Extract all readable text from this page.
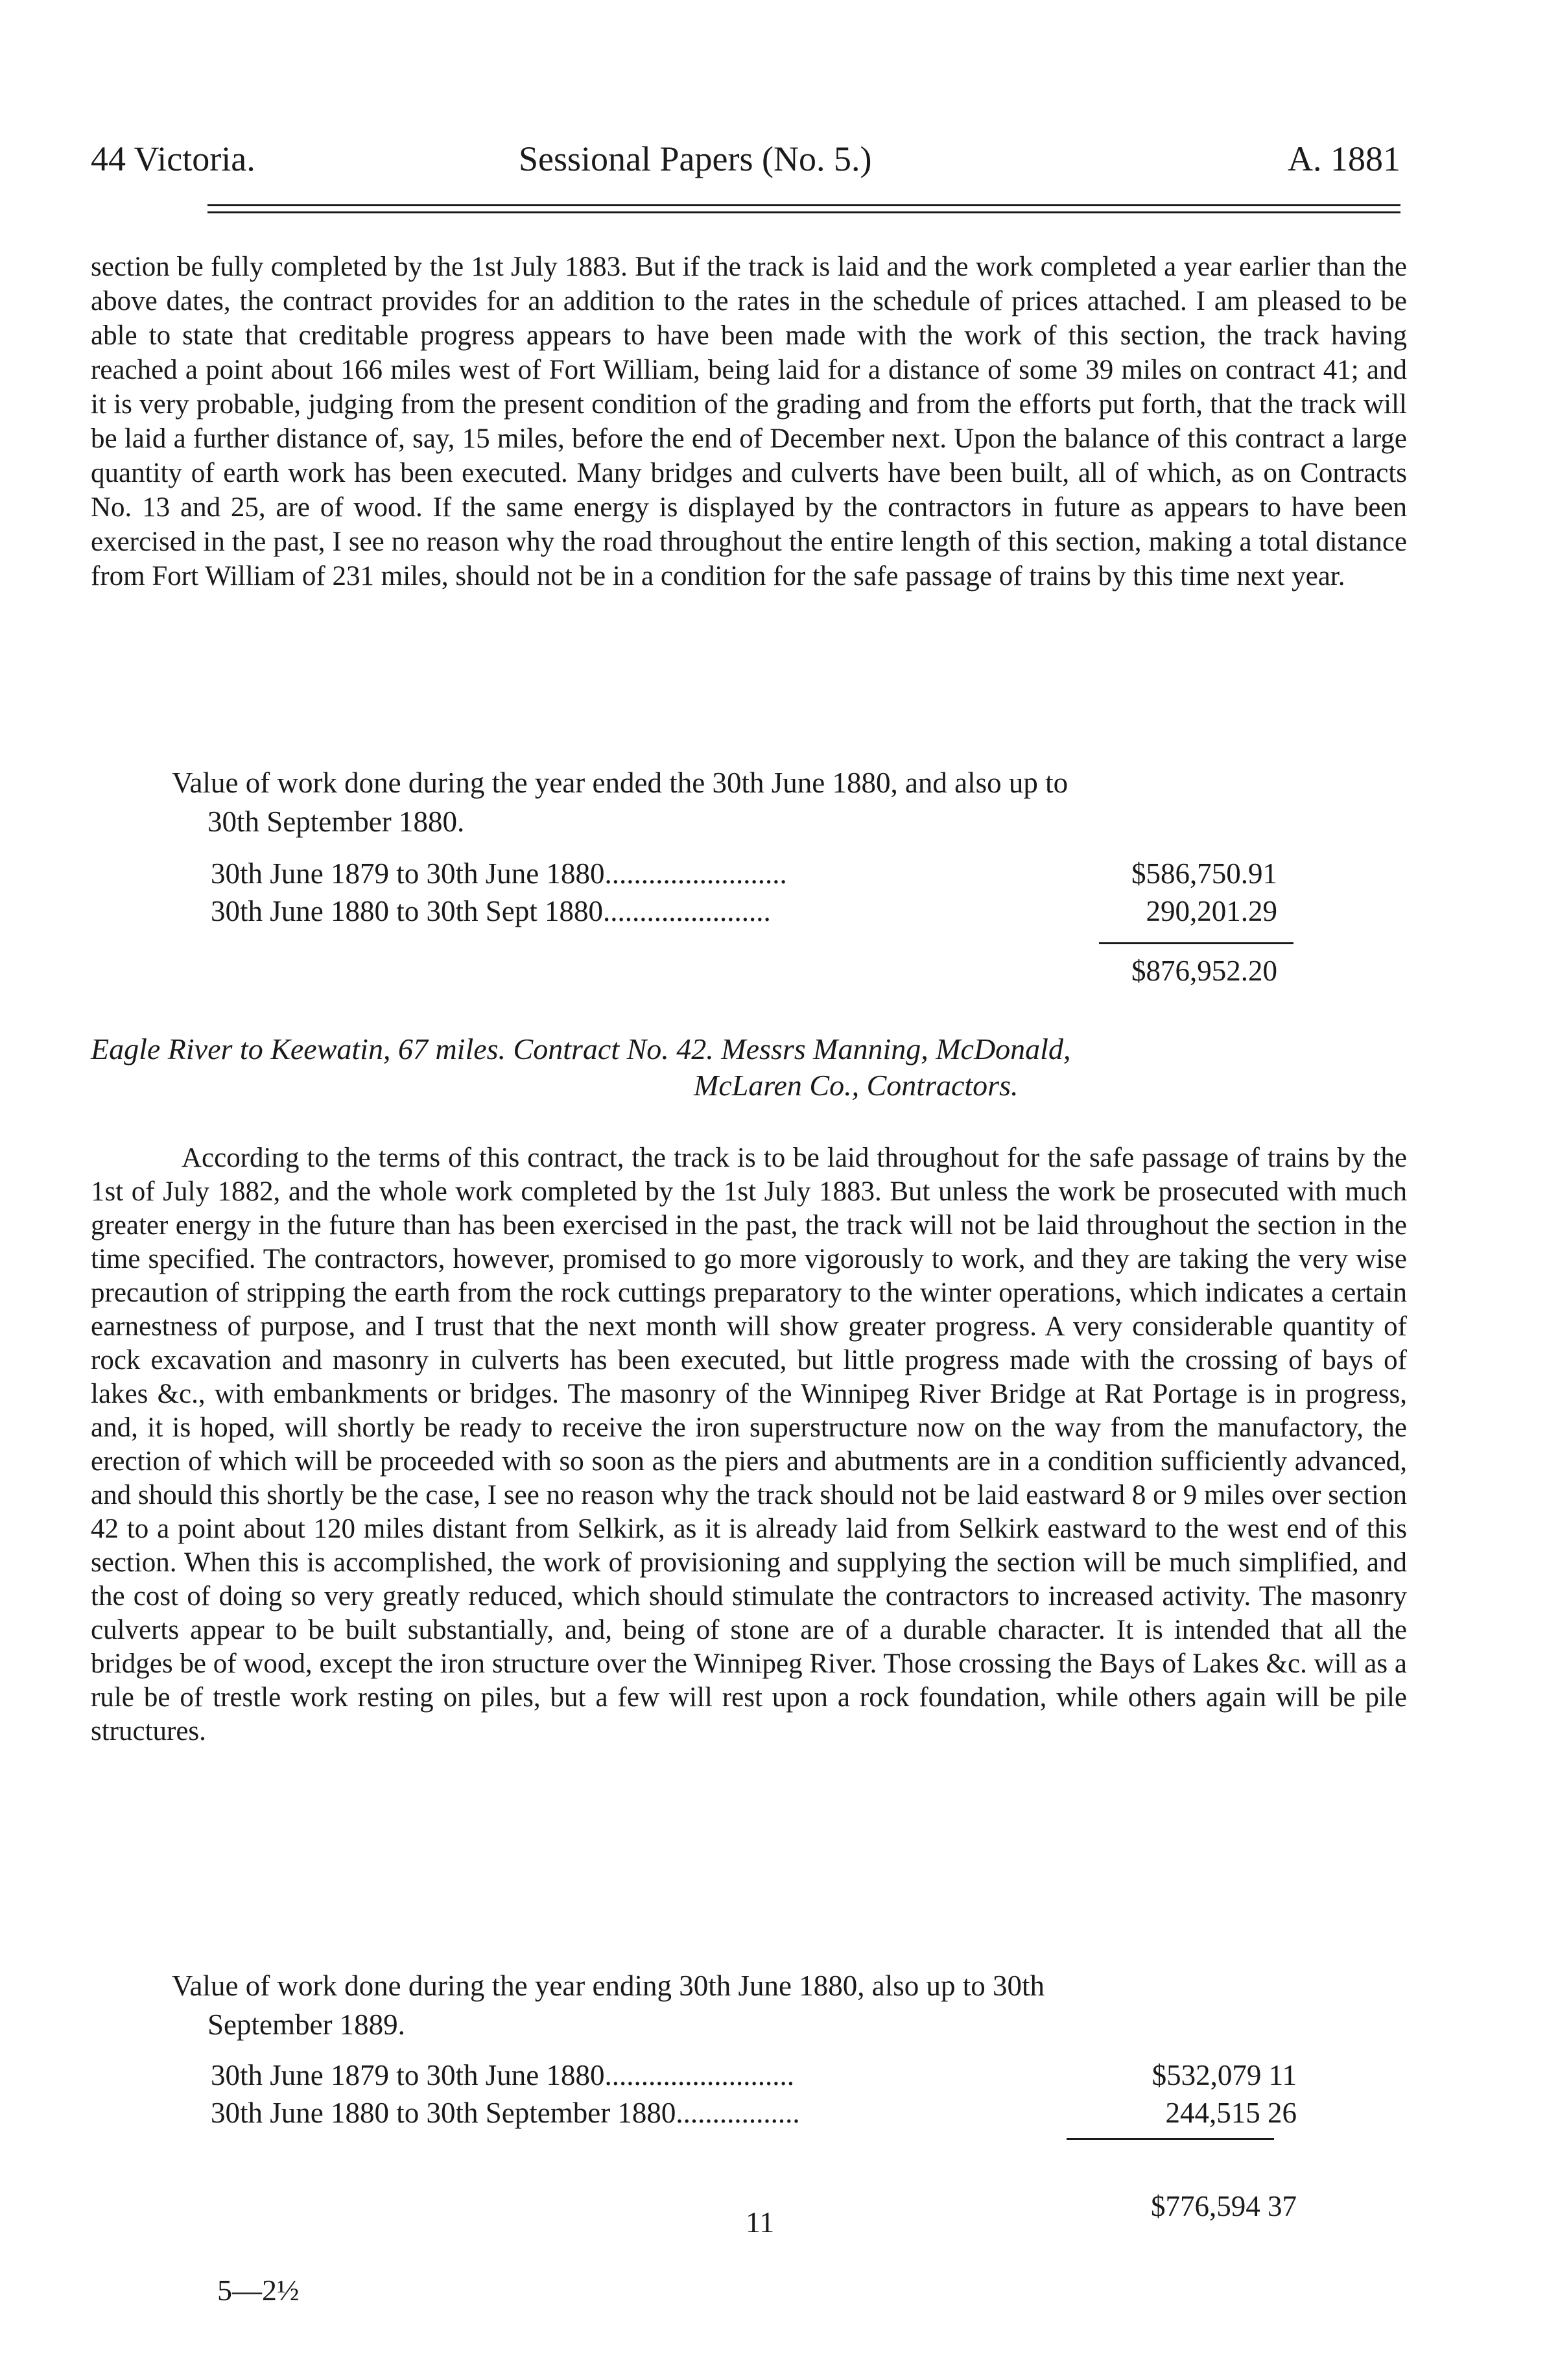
44 Victoria.	Sessional Papers (No. 5.)	A. 1881

section be fully completed by the 1st July 1883. But if the track is laid and the work completed a year earlier than the above dates, the contract provides for an addition to the rates in the schedule of prices attached. I am pleased to be able to state that creditable progress appears to have been made with the work of this section, the track having reached a point about 166 miles west of Fort William, being laid for a distance of some 39 miles on contract 41; and it is very probable, judging from the present condition of the grading and from the efforts put forth, that the track will be laid a further distance of, say, 15 miles, before the end of December next. Upon the balance of this contract a large quantity of earth work has been executed. Many bridges and culverts have been built, all of which, as on Contracts No. 13 and 25, are of wood. If the same energy is displayed by the contractors in future as appears to have been exercised in the past, I see no reason why the road throughout the entire length of this section, making a total distance from Fort William of 231 miles, should not be in a condition for the safe passage of trains by this time next year.

Value of work done during the year ended the 30th June 1880, and also up to
30th September 1880.
30th June 1879 to 30th June 1880.........................	$586,750.91
30th June 1880 to 30th Sept 1880.......................	290,201.29
$876,952.20
Eagle River to Keewatin, 67 miles. Contract No. 42. Messrs Manning, McDonald,
McLaren Co., Contractors.

According to the terms of this contract, the track is to be laid throughout for the safe passage of trains by the 1st of July 1882, and the whole work completed by the 1st July 1883. But unless the work be prosecuted with much greater energy in the future than has been exercised in the past, the track will not be laid throughout the section in the time specified. The contractors, however, promised to go more vigorously to work, and they are taking the very wise precaution of stripping the earth from the rock cuttings preparatory to the winter operations, which indicates a certain earnestness of purpose, and I trust that the next month will show greater progress. A very considerable quantity of rock excavation and masonry in culverts has been executed, but little progress made with the crossing of bays of lakes &c., with embankments or bridges. The masonry of the Winnipeg River Bridge at Rat Portage is in progress, and, it is hoped, will shortly be ready to receive the iron superstructure now on the way from the manufactory, the erection of which will be proceeded with so soon as the piers and abutments are in a condition sufficiently advanced, and should this shortly be the case, I see no reason why the track should not be laid eastward 8 or 9 miles over section 42 to a point about 120 miles distant from Selkirk, as it is already laid from Selkirk eastward to the west end of this section. When this is accomplished, the work of provisioning and supplying the section will be much simplified, and the cost of doing so very greatly reduced, which should stimulate the contractors to increased activity. The masonry culverts appear to be built substantially, and, being of stone are of a durable character. It is intended that all the bridges be of wood, except the iron structure over the Winnipeg River. Those crossing the Bays of Lakes &c. will as a rule be of trestle work resting on piles, but a few will rest upon a rock foundation, while others again will be pile structures.

Value of work done during the year ending 30th June 1880, also up to 30th
September 1889.
30th June 1879 to 30th June 1880..........................	$532,079 11
30th June 1880 to 30th September 1880.................	244,515 26
$776,594 37
11
5—2½
